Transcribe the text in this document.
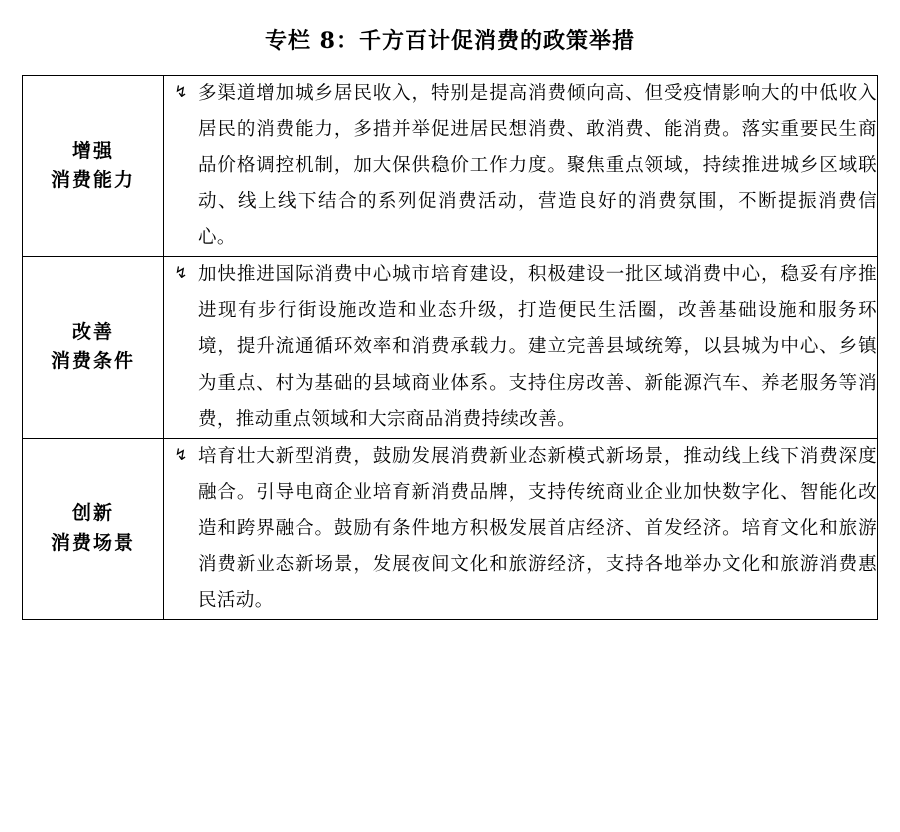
专栏 8：千方百计促消费的政策举措
增强
消费能力	↯ 多渠道增加城乡居民收入，特别是提高消费倾向高、但受疫情影响大的中低收入居民的消费能力，多措并举促进居民想消费、敢消费、能消费。落实重要民生商品价格调控机制，加大保供稳价工作力度。聚焦重点领域，持续推进城乡区域联动、线上线下结合的系列促消费活动，营造良好的消费氛围，不断提振消费信心。

改善
消费条件	↯ 加快推进国际消费中心城市培育建设，积极建设一批区域消费中心，稳妥有序推进现有步行街设施改造和业态升级，打造便民生活圈，改善基础设施和服务环境，提升流通循环效率和消费承载力。建立完善县域统筹，以县城为中心、乡镇为重点、村为基础的县域商业体系。支持住房改善、新能源汽车、养老服务等消费，推动重点领域和大宗商品消费持续改善。

创新
消费场景	↯ 培育壮大新型消费，鼓励发展消费新业态新模式新场景，推动线上线下消费深度融合。引导电商企业培育新消费品牌，支持传统商业企业加快数字化、智能化改造和跨界融合。鼓励有条件地方积极发展首店经济、首发经济。培育文化和旅游消费新业态新场景，发展夜间文化和旅游经济，支持各地举办文化和旅游消费惠民活动。
